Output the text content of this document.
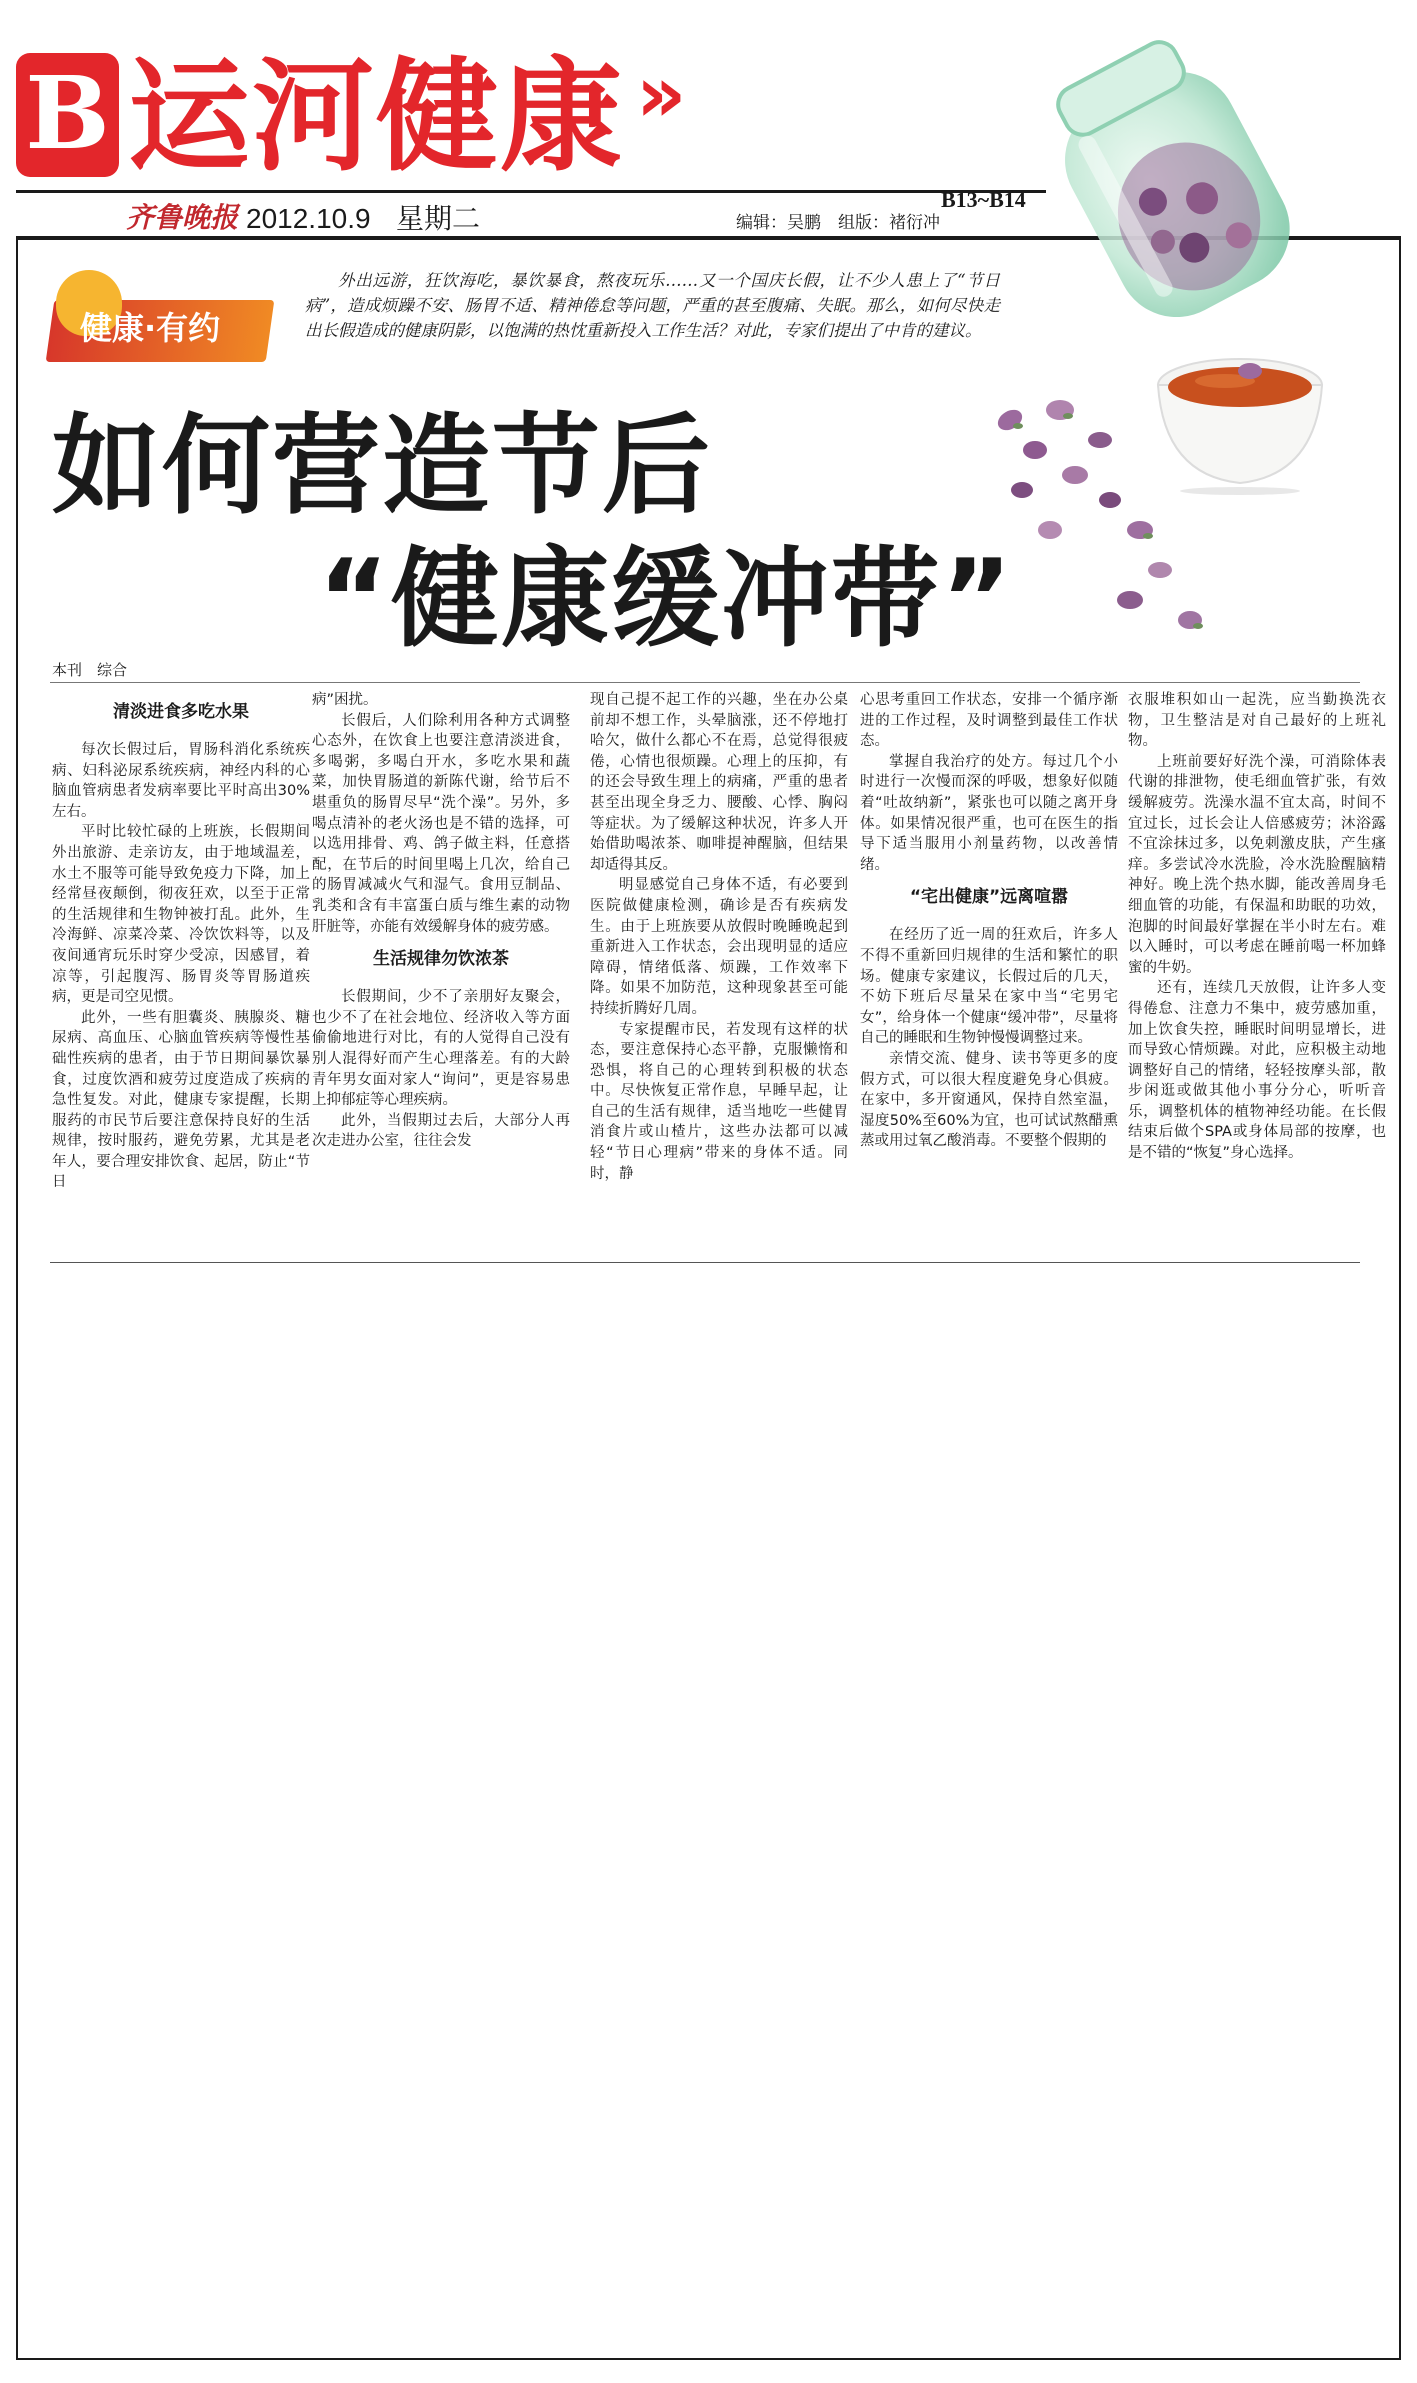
B 运河健康 »
齐鲁晚报 2012.10.9 星期二
B13~B14
编辑：吴鹏　组版：褚衍冲
健康·有约

外出远游，狂饮海吃，暴饮暴食，熬夜玩乐……又一个国庆长假，让不少人患上了“节日病”，造成烦躁不安、肠胃不适、精神倦怠等问题，严重的甚至腹痛、失眠。那么，如何尽快走出长假造成的健康阴影，以饱满的热忱重新投入工作生活？对此，专家们提出了中肯的建议。

如何营造节后
“健康缓冲带”
本刊　综合
清淡进食多吃水果

每次长假过后，胃肠科消化系统疾病、妇科泌尿系统疾病，神经内科的心脑血管病患者发病率要比平时高出30%左右。

平时比较忙碌的上班族，长假期间外出旅游、走亲访友，由于地域温差，水土不服等可能导致免疫力下降，加上经常昼夜颠倒，彻夜狂欢，以至于正常的生活规律和生物钟被打乱。此外，生冷海鲜、凉菜冷菜、冷饮饮料等，以及夜间通宵玩乐时穿少受凉，因感冒，着凉等，引起腹泻、肠胃炎等胃肠道疾病，更是司空见惯。

此外，一些有胆囊炎、胰腺炎、糖尿病、高血压、心脑血管疾病等慢性基础性疾病的患者，由于节日期间暴饮暴食，过度饮酒和疲劳过度造成了疾病的急性复发。对此，健康专家提醒，长期服药的市民节后要注意保持良好的生活规律，按时服药，避免劳累，尤其是老年人，要合理安排饮食、起居，防止“节日

病”困扰。

长假后，人们除利用各种方式调整心态外，在饮食上也要注意清淡进食，多喝粥，多喝白开水，多吃水果和蔬菜，加快胃肠道的新陈代谢，给节后不堪重负的肠胃尽早“洗个澡”。另外，多喝点清补的老火汤也是不错的选择，可以选用排骨、鸡、鸽子做主料，任意搭配，在节后的时间里喝上几次，给自己的肠胃减减火气和湿气。食用豆制品、乳类和含有丰富蛋白质与维生素的动物肝脏等，亦能有效缓解身体的疲劳感。

生活规律勿饮浓茶

长假期间，少不了亲朋好友聚会，也少不了在社会地位、经济收入等方面偷偷地进行对比，有的人觉得自己没有别人混得好而产生心理落差。有的大龄青年男女面对家人“询问”，更是容易患上抑郁症等心理疾病。

此外，当假期过去后，大部分人再次走进办公室，往往会发

现自己提不起工作的兴趣，坐在办公桌前却不想工作，头晕脑涨，还不停地打哈欠，做什么都心不在焉，总觉得很疲倦，心情也很烦躁。心理上的压抑，有的还会导致生理上的病痛，严重的患者甚至出现全身乏力、腰酸、心悸、胸闷等症状。为了缓解这种状况，许多人开始借助喝浓茶、咖啡提神醒脑，但结果却适得其反。

明显感觉自己身体不适，有必要到医院做健康检测，确诊是否有疾病发生。由于上班族要从放假时晚睡晚起到重新进入工作状态，会出现明显的适应障碍，情绪低落、烦躁，工作效率下降。如果不加防范，这种现象甚至可能持续折腾好几周。

专家提醒市民，若发现有这样的状态，要注意保持心态平静，克服懒惰和恐惧，将自己的心理转到积极的状态中。尽快恢复正常作息，早睡早起，让自己的生活有规律，适当地吃一些健胃消食片或山楂片，这些办法都可以减轻“节日心理病”带来的身体不适。同时，静

心思考重回工作状态，安排一个循序渐进的工作过程，及时调整到最佳工作状态。

掌握自我治疗的处方。每过几个小时进行一次慢而深的呼吸，想象好似随着“吐故纳新”，紧张也可以随之离开身体。如果情况很严重，也可在医生的指导下适当服用小剂量药物，以改善情绪。

“宅出健康”远离喧嚣

在经历了近一周的狂欢后，许多人不得不重新回归规律的生活和繁忙的职场。健康专家建议，长假过后的几天，不妨下班后尽量呆在家中当“宅男宅女”，给身体一个健康“缓冲带”，尽量将自己的睡眠和生物钟慢慢调整过来。

亲情交流、健身、读书等更多的度假方式，可以很大程度避免身心俱疲。在家中，多开窗通风，保持自然室温，湿度50%至60%为宜，也可试试熬醋熏蒸或用过氧乙酸消毒。不要整个假期的

衣服堆积如山一起洗，应当勤换洗衣物，卫生整洁是对自己最好的上班礼物。

上班前要好好洗个澡，可消除体表代谢的排泄物，使毛细血管扩张，有效缓解疲劳。洗澡水温不宜太高，时间不宜过长，过长会让人倍感疲劳；沐浴露不宜涂抹过多，以免刺激皮肤，产生瘙痒。多尝试冷水洗脸，冷水洗脸醒脑精神好。晚上洗个热水脚，能改善周身毛细血管的功能，有保温和助眠的功效，泡脚的时间最好掌握在半小时左右。难以入睡时，可以考虑在睡前喝一杯加蜂蜜的牛奶。

还有，连续几天放假，让许多人变得倦怠、注意力不集中，疲劳感加重，加上饮食失控，睡眠时间明显增长，进而导致心情烦躁。对此，应积极主动地调整好自己的情绪，轻轻按摩头部，散步闲逛或做其他小事分分心，听听音乐，调整机体的植物神经功能。在长假结束后做个SPA或身体局部的按摩，也是不错的“恢复”身心选择。
